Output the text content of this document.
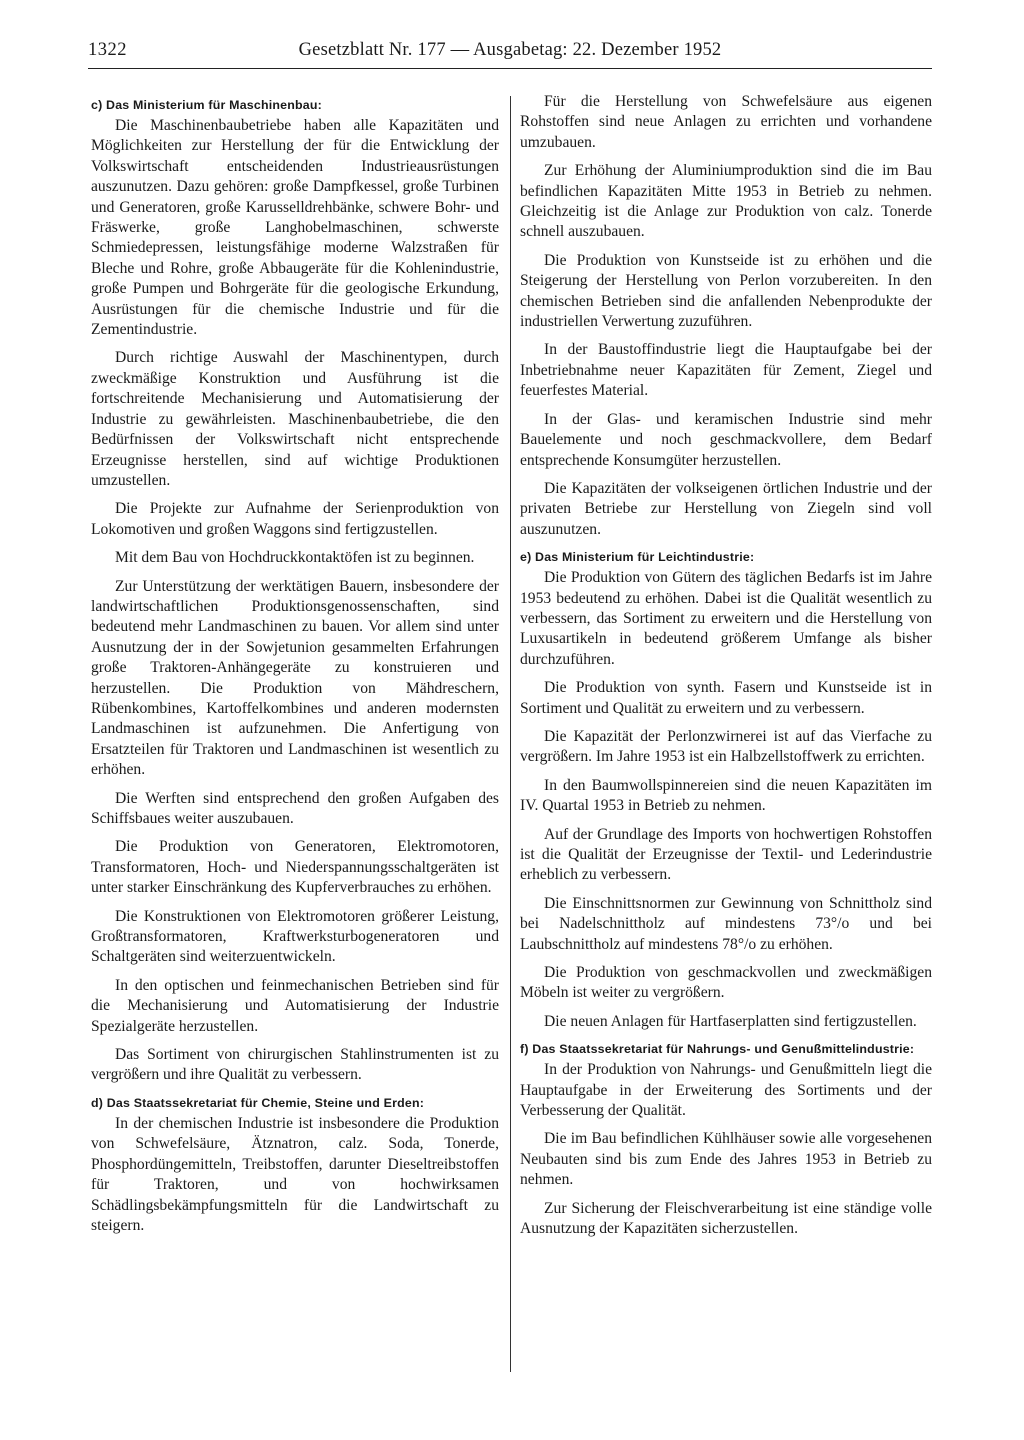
1322	Gesetzblatt Nr. 177 — Ausgabetag: 22. Dezember 1952
c) Das Ministerium für Maschinenbau:

Die Maschinenbaubetriebe haben alle Kapazitäten und Möglichkeiten zur Herstellung der für die Entwicklung der Volkswirtschaft entscheidenden Industrieausrüstungen auszunutzen. Dazu gehören: große Dampfkessel, große Turbinen und Generatoren, große Karusselldrehbänke, schwere Bohr- und Fräswerke, große Langhobelmaschinen, schwerste Schmiedepressen, leistungsfähige moderne Walzstraßen für Bleche und Rohre, große Abbaugeräte für die Kohlenindustrie, große Pumpen und Bohrgeräte für die geologische Erkundung, Ausrüstungen für die chemische Industrie und für die Zementindustrie.

Durch richtige Auswahl der Maschinentypen, durch zweckmäßige Konstruktion und Ausführung ist die fortschreitende Mechanisierung und Automatisierung der Industrie zu gewährleisten. Maschinenbaubetriebe, die den Bedürfnissen der Volkswirtschaft nicht entsprechende Erzeugnisse herstellen, sind auf wichtige Produktionen umzustellen.

Die Projekte zur Aufnahme der Serienproduktion von Lokomotiven und großen Waggons sind fertigzustellen.

Mit dem Bau von Hochdruckkontaktöfen ist zu beginnen.

Zur Unterstützung der werktätigen Bauern, insbesondere der landwirtschaftlichen Produktionsgenossenschaften, sind bedeutend mehr Landmaschinen zu bauen. Vor allem sind unter Ausnutzung der in der Sowjetunion gesammelten Erfahrungen große Traktoren-Anhängegeräte zu konstruieren und herzustellen. Die Produktion von Mähdreschern, Rübenkombines, Kartoffelkombines und anderen modernsten Landmaschinen ist aufzunehmen. Die Anfertigung von Ersatzteilen für Traktoren und Landmaschinen ist wesentlich zu erhöhen.

Die Werften sind entsprechend den großen Aufgaben des Schiffsbaues weiter auszubauen.

Die Produktion von Generatoren, Elektromotoren, Transformatoren, Hoch- und Niederspannungsschaltgeräten ist unter starker Einschränkung des Kupferverbrauches zu erhöhen.

Die Konstruktionen von Elektromotoren größerer Leistung, Großtransformatoren, Kraftwerksturbogeneratoren und Schaltgeräten sind weiterzuentwickeln.

In den optischen und feinmechanischen Betrieben sind für die Mechanisierung und Automatisierung der Industrie Spezialgeräte herzustellen.

Das Sortiment von chirurgischen Stahlinstrumenten ist zu vergrößern und ihre Qualität zu verbessern.

d) Das Staatssekretariat für Chemie, Steine und Erden:

In der chemischen Industrie ist insbesondere die Produktion von Schwefelsäure, Ätznatron, calz. Soda, Tonerde, Phosphordüngemitteln, Treibstoffen, darunter Dieseltreibstoffen für Traktoren, und von hochwirksamen Schädlingsbekämpfungsmitteln für die Landwirtschaft zu steigern.

Für die Herstellung von Schwefelsäure aus eigenen Rohstoffen sind neue Anlagen zu errichten und vorhandene umzubauen.

Zur Erhöhung der Aluminiumproduktion sind die im Bau befindlichen Kapazitäten Mitte 1953 in Betrieb zu nehmen. Gleichzeitig ist die Anlage zur Produktion von calz. Tonerde schnell auszubauen.

Die Produktion von Kunstseide ist zu erhöhen und die Steigerung der Herstellung von Perlon vorzubereiten. In den chemischen Betrieben sind die anfallenden Nebenprodukte der industriellen Verwertung zuzuführen.

In der Baustoffindustrie liegt die Hauptaufgabe bei der Inbetriebnahme neuer Kapazitäten für Zement, Ziegel und feuerfestes Material.

In der Glas- und keramischen Industrie sind mehr Bauelemente und noch geschmackvollere, dem Bedarf entsprechende Konsumgüter herzustellen.

Die Kapazitäten der volkseigenen örtlichen Industrie und der privaten Betriebe zur Herstellung von Ziegeln sind voll auszunutzen.

e) Das Ministerium für Leichtindustrie:

Die Produktion von Gütern des täglichen Bedarfs ist im Jahre 1953 bedeutend zu erhöhen. Dabei ist die Qualität wesentlich zu verbessern, das Sortiment zu erweitern und die Herstellung von Luxusartikeln in bedeutend größerem Umfange als bisher durchzuführen.

Die Produktion von synth. Fasern und Kunstseide ist in Sortiment und Qualität zu erweitern und zu verbessern.

Die Kapazität der Perlonzwirnerei ist auf das Vierfache zu vergrößern. Im Jahre 1953 ist ein Halbzellstoffwerk zu errichten.

In den Baumwollspinnereien sind die neuen Kapazitäten im IV. Quartal 1953 in Betrieb zu nehmen.

Auf der Grundlage des Imports von hochwertigen Rohstoffen ist die Qualität der Erzeugnisse der Textil- und Lederindustrie erheblich zu verbessern.

Die Einschnittsnormen zur Gewinnung von Schnittholz sind bei Nadelschnittholz auf mindestens 73°/o und bei Laubschnittholz auf mindestens 78°/o zu erhöhen.

Die Produktion von geschmackvollen und zweckmäßigen Möbeln ist weiter zu vergrößern.

Die neuen Anlagen für Hartfaserplatten sind fertigzustellen.

f) Das Staatssekretariat für Nahrungs- und Genußmittelindustrie:

In der Produktion von Nahrungs- und Genußmitteln liegt die Hauptaufgabe in der Erweiterung des Sortiments und der Verbesserung der Qualität.

Die im Bau befindlichen Kühlhäuser sowie alle vorgesehenen Neubauten sind bis zum Ende des Jahres 1953 in Betrieb zu nehmen.

Zur Sicherung der Fleischverarbeitung ist eine ständige volle Ausnutzung der Kapazitäten sicherzustellen.
